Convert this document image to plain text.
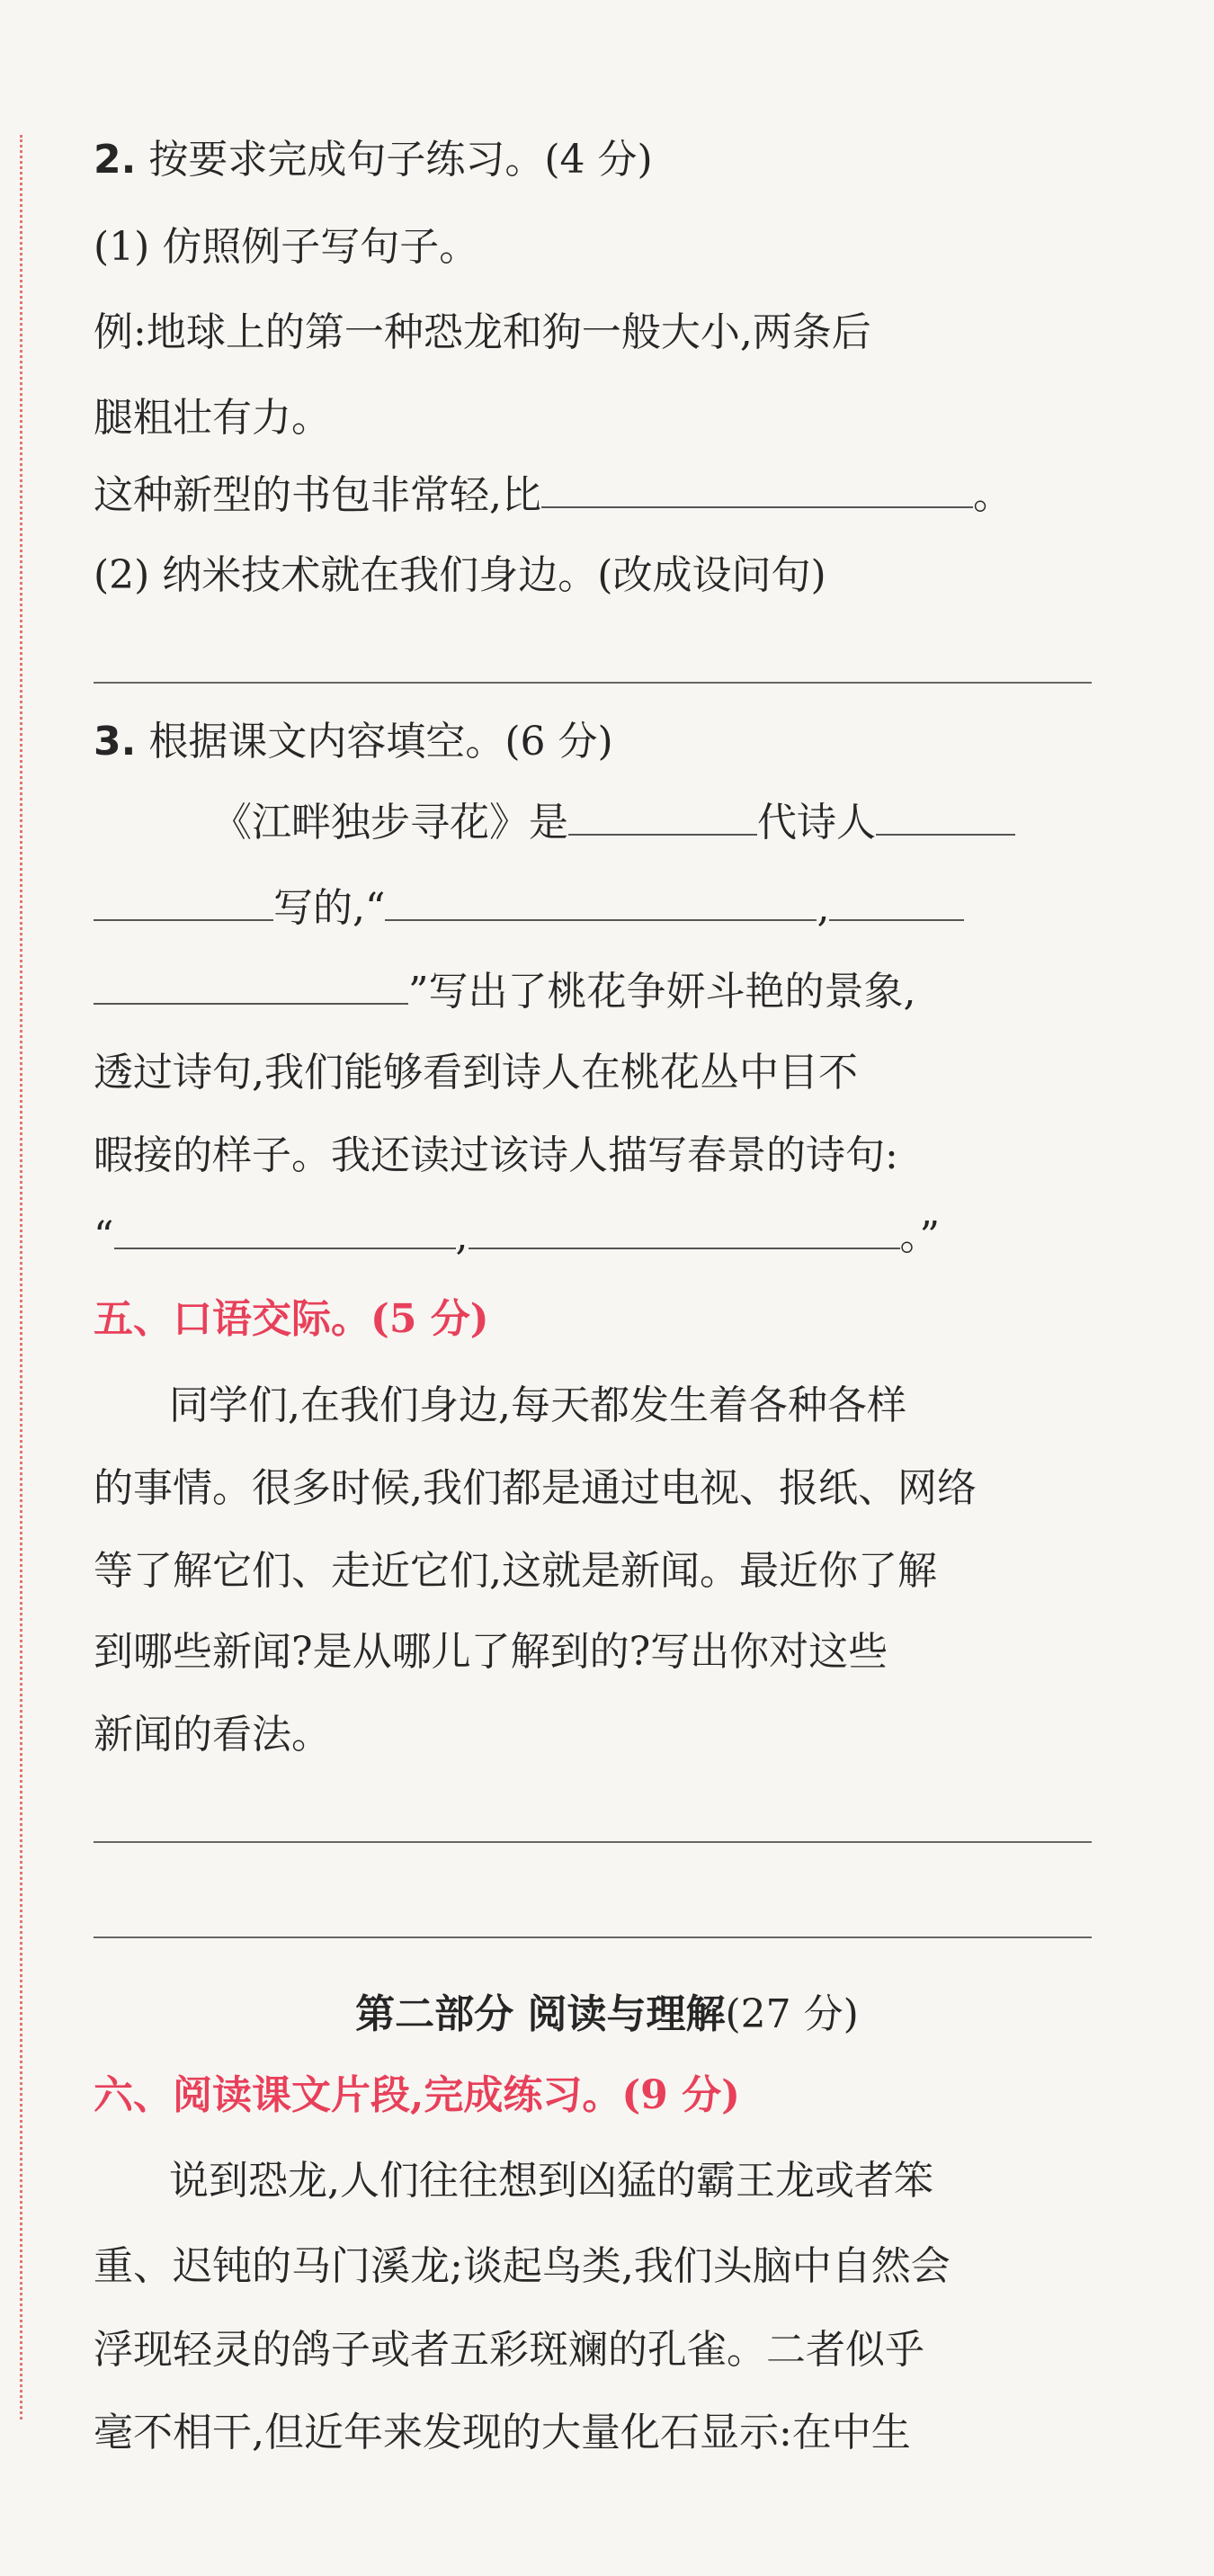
2. 按要求完成句子练习。(4 分)
(1) 仿照例子写句子。
例:地球上的第一种恐龙和狗一般大小,两条后
腿粗壮有力。
这种新型的书包非常轻,比	。
(2) 纳米技术就在我们身边。(改成设问句)
3. 根据课文内容填空。(6 分)
《江畔独步寻花》是	代诗人
写的,“	,
”写出了桃花争妍斗艳的景象,
透过诗句,我们能够看到诗人在桃花丛中目不
暇接的样子。我还读过该诗人描写春景的诗句:
“	,	。”
五、口语交际。(5 分)
同学们,在我们身边,每天都发生着各种各样
的事情。很多时候,我们都是通过电视、报纸、网络
等了解它们、走近它们,这就是新闻。最近你了解
到哪些新闻?是从哪儿了解到的?写出你对这些
新闻的看法。
第二部分 阅读与理解(27 分)
六、阅读课文片段,完成练习。(9 分)
说到恐龙,人们往往想到凶猛的霸王龙或者笨
重、迟钝的马门溪龙;谈起鸟类,我们头脑中自然会
浮现轻灵的鸽子或者五彩斑斓的孔雀。二者似乎
毫不相干,但近年来发现的大量化石显示:在中生
